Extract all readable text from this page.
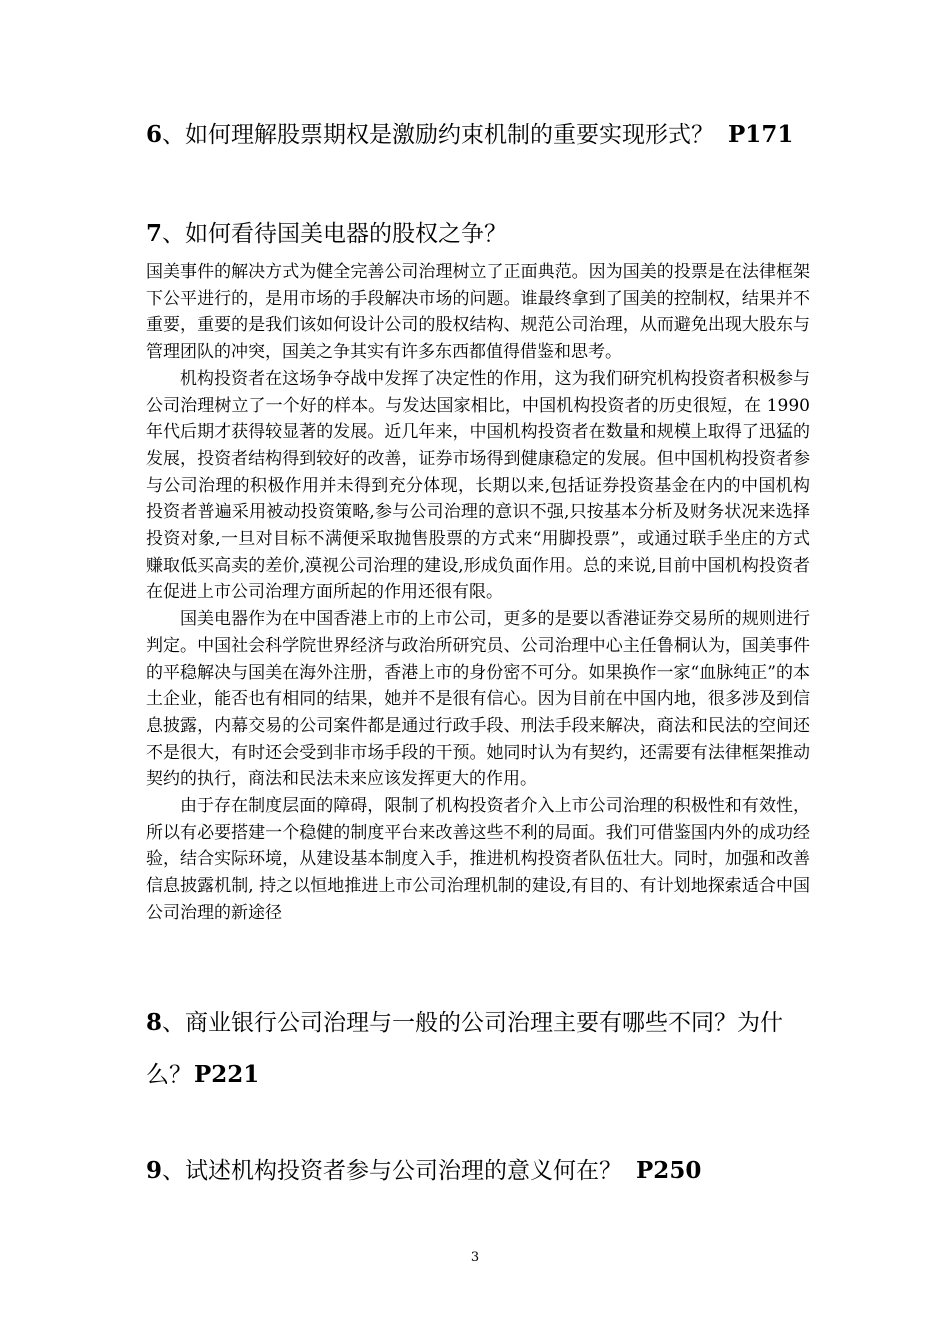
6、如何理解股票期权是激励约束机制的重要实现形式？ P171
7、如何看待国美电器的股权之争？

国美事件的解决方式为健全完善公司治理树立了正面典范。因为国美的投票是在法律框架下公平进行的，是用市场的手段解决市场的问题。谁最终拿到了国美的控制权，结果并不重要，重要的是我们该如何设计公司的股权结构、规范公司治理，从而避免出现大股东与管理团队的冲突，国美之争其实有许多东西都值得借鉴和思考。

机构投资者在这场争夺战中发挥了决定性的作用，这为我们研究机构投资者积极参与公司治理树立了一个好的样本。与发达国家相比，中国机构投资者的历史很短，在 1990 年代后期才获得较显著的发展。近几年来，中国机构投资者在数量和规模上取得了迅猛的发展，投资者结构得到较好的改善，证券市场得到健康稳定的发展。但中国机构投资者参与公司治理的积极作用并未得到充分体现，长期以来,包括证券投资基金在内的中国机构投资者普遍采用被动投资策略,参与公司治理的意识不强,只按基本分析及财务状况来选择投资对象,一旦对目标不满便采取抛售股票的方式来“用脚投票”，或通过联手坐庄的方式赚取低买高卖的差价,漠视公司治理的建设,形成负面作用。总的来说,目前中国机构投资者在促进上市公司治理方面所起的作用还很有限。

国美电器作为在中国香港上市的上市公司，更多的是要以香港证券交易所的规则进行判定。中国社会科学院世界经济与政治所研究员、公司治理中心主任鲁桐认为，国美事件的平稳解决与国美在海外注册，香港上市的身份密不可分。如果换作一家“血脉纯正”的本土企业，能否也有相同的结果，她并不是很有信心。因为目前在中国内地，很多涉及到信息披露，内幕交易的公司案件都是通过行政手段、刑法手段来解决，商法和民法的空间还不是很大，有时还会受到非市场手段的干预。她同时认为有契约，还需要有法律框架推动契约的执行，商法和民法未来应该发挥更大的作用。

由于存在制度层面的障碍，限制了机构投资者介入上市公司治理的积极性和有效性，所以有必要搭建一个稳健的制度平台来改善这些不利的局面。我们可借鉴国内外的成功经验，结合实际环境，从建设基本制度入手，推进机构投资者队伍壮大。同时，加强和改善信息披露机制, 持之以恒地推进上市公司治理机制的建设,有目的、有计划地探索适合中国公司治理的新途径

8、商业银行公司治理与一般的公司治理主要有哪些不同？为什么？P221
9、试述机构投资者参与公司治理的意义何在？ P250
3
